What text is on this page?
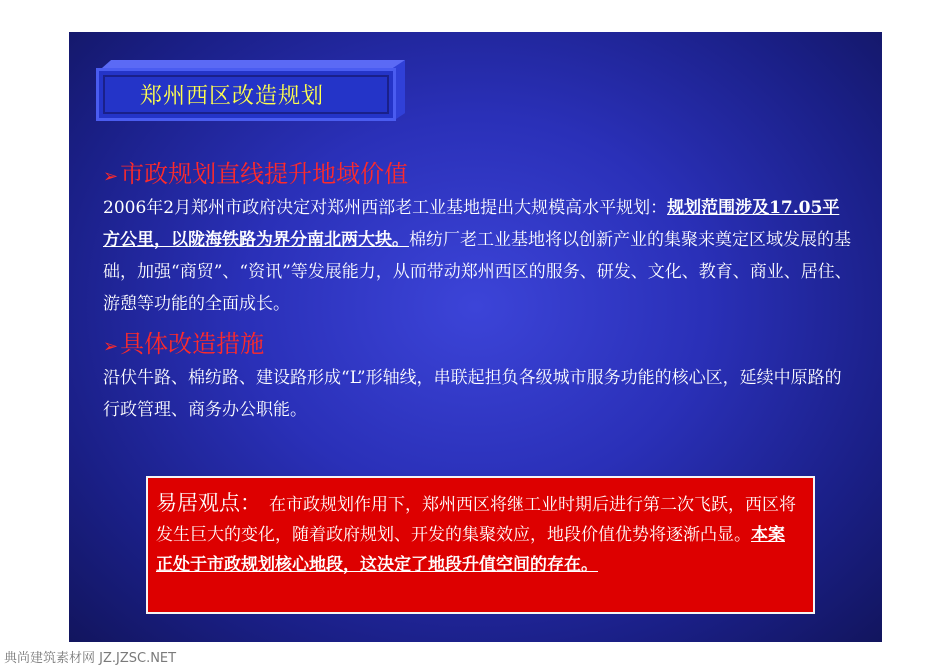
郑州西区改造规划
➢市政规划直线提升地域价值

2006年2月郑州市政府决定对郑州西部老工业基地提出大规模高水平规划：规划范围涉及17.05平方公里，以陇海铁路为界分南北两大块。棉纺厂老工业基地将以创新产业的集聚来奠定区域发展的基础，加强“商贸”、“资讯”等发展能力，从而带动郑州西区的服务、研发、文化、教育、商业、居住、游憩等功能的全面成长。

➢具体改造措施

沿伏牛路、棉纺路、建设路形成“L”形轴线，串联起担负各级城市服务功能的核心区，延续中原路的行政管理、商务办公职能。

易居观点： 在市政规划作用下，郑州西区将继工业时期后进行第二次飞跃，西区将发生巨大的变化，随着政府规划、开发的集聚效应，地段价值优势将逐渐凸显。本案正处于市政规划核心地段，这决定了地段升值空间的存在。

典尚建筑素材网 JZ.JZSC.NET
